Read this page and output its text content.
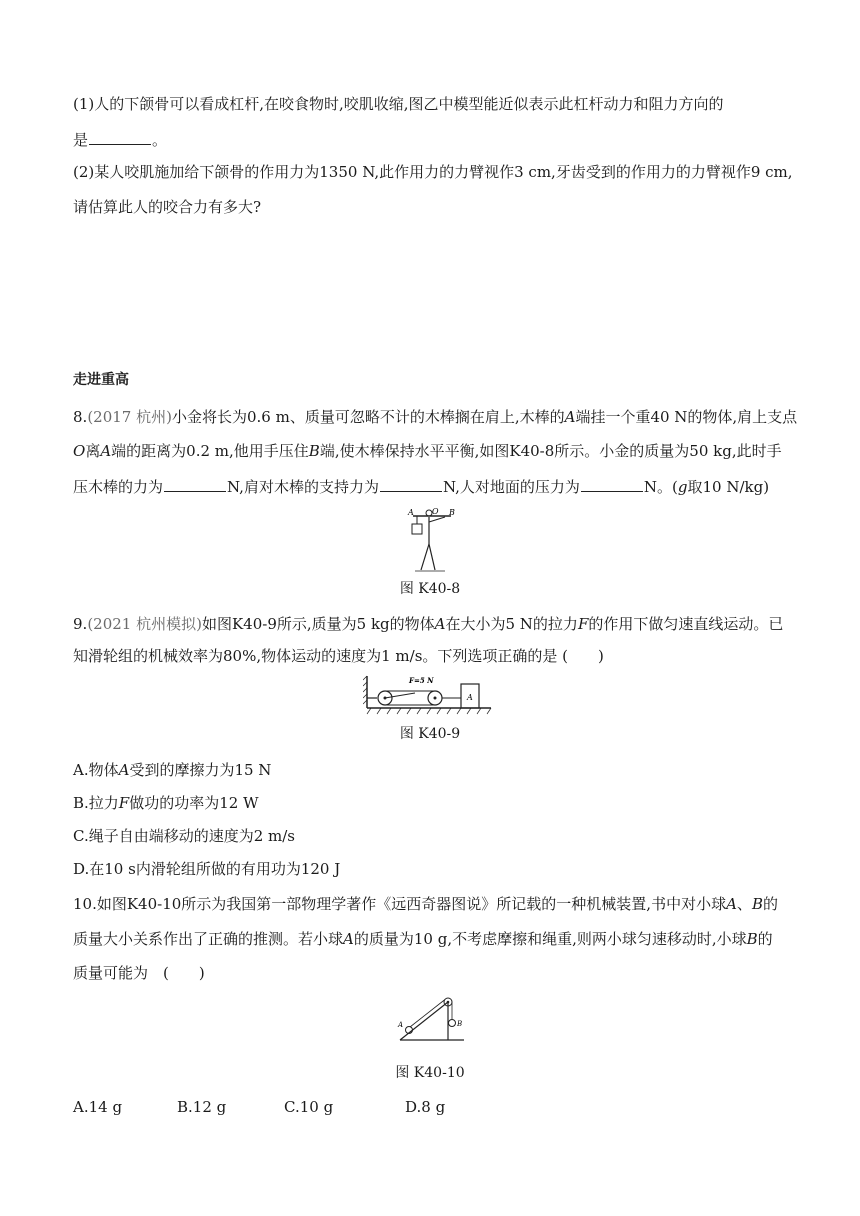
(1)人的下颌骨可以看成杠杆,在咬食物时,咬肌收缩,图乙中模型能近似表示此杠杆动力和阻力方向的
是	。
(2)某人咬肌施加给下颌骨的作用力为1350 N,此作用力的力臂视作3 cm,牙齿受到的作用力的力臂视作9 cm,
请估算此人的咬合力有多大?
走进重高
8.(2017 杭州)小金将长为0.6 m、质量可忽略不计的木棒搁在肩上,木棒的A端挂一个重40 N的物体,肩上支点
O离A端的距离为0.2 m,他用手压住B端,使木棒保持水平平衡,如图K40-8所示。小金的质量为50 kg,此时手
压木棒的力为	N,肩对木棒的支持力为	N,人对地面的压力为	N。(g取10 N/kg)
A O B
图 K40-8
9.(2021 杭州模拟)如图K40-9所示,质量为5 kg的物体A在大小为5 N的拉力F的作用下做匀速直线运动。已
知滑轮组的机械效率为80%,物体运动的速度为1 m/s。下列选项正确的是 (　　)
A
F=5 N
图 K40-9
A.物体A受到的摩擦力为15 N
B.拉力F做功的功率为12 W
C.绳子自由端移动的速度为2 m/s
D.在10 s内滑轮组所做的有用功为120 J
10.如图K40-10所示为我国第一部物理学著作《远西奇器图说》所记载的一种机械装置,书中对小球A、B的
质量大小关系作出了正确的推测。若小球A的质量为10 g,不考虑摩擦和绳重,则两小球匀速移动时,小球B的
质量可能为　(　　)
A	B
图 K40-10
A.14 g	B.12 g	C.10 g	D.8 g
